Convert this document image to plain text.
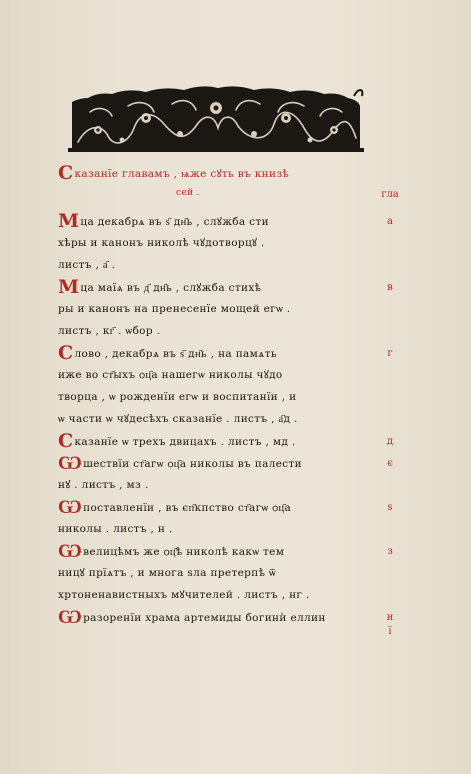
Сказанїе главамъ , ѩже сꙋть въ книзѣ
сей .
Мца декабрѧ въ ѕ҃ дн҃ь , слꙋжба сти
хѣры и канонъ николѣ чꙋдотворцꙋ .
листъ , а҃ .
Мца маїѧ въ д҃ дн҃ь , слꙋжба стихѣ
ры и канонъ на пренесенїе мощей егѡ .
листъ , кг҃ . ѡбор .
Слово , декабрѧ въ ѕ҃ дн҃ь , на памѧть
иже во ст҃ыхъ ѻц҃а нашегѡ николы чꙋдо
творца , ѡ рожденїи егѡ и воспитанїи , и
ѡ части ѡ чꙋдесѣхъ сказанїе . листъ , а҃д .
Сказанїе ѡ трехъ двицахъ . листъ , мд .
Ѡшествїи ст҃агѡ ѻц҃а николы въ палести
нꙋ . листъ , мз .
Ѡпоставленїи , въ єп҃кпство ст҃агѡ ѻц҃а
николы . листъ , н .
Ѡвелицѣмъ же ѻц҃ѣ николѣ какѡ тем
ницꙋ прїѧтъ , и многа ѕла претерпѣ ѿ
хртоненавистныхъ мꙋчителей . листъ , нг .
Ѡразоренїи храма артемиды богинѝ еллин
гла
а
в
г
д
є
ѕ
з
и
ї
